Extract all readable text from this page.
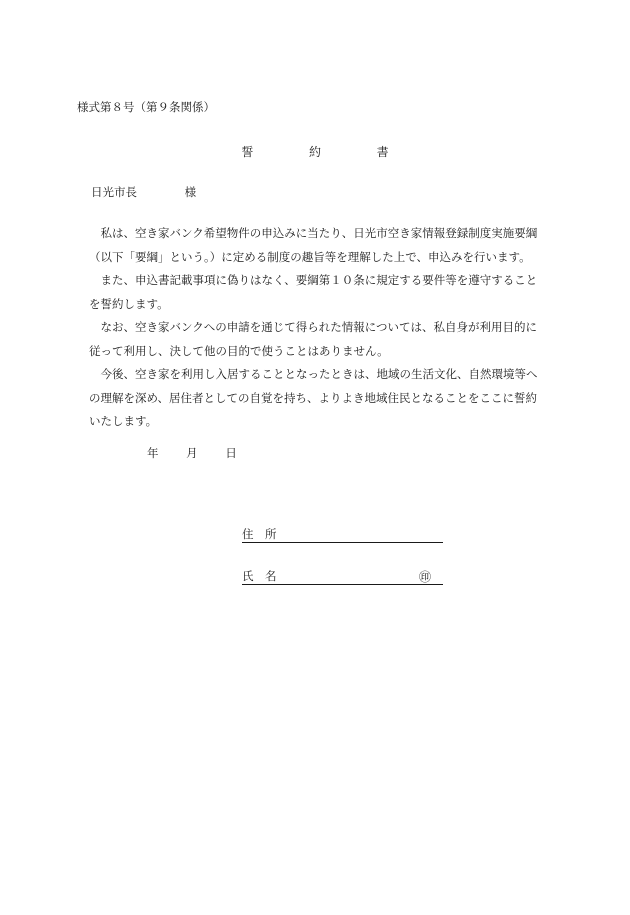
様式第８号（第９条関係）
誓	約	書
日光市長	様
私は、空き家バンク希望物件の申込みに当たり、日光市空き家情報登録制度実施要綱
（以下「要綱」という。）に定める制度の趣旨等を理解した上で、申込みを行います。
また、申込書記載事項に偽りはなく、要綱第１０条に規定する要件等を遵守すること
を誓約します。
なお、空き家バンクへの申請を通じて得られた情報については、私自身が利用目的に
従って利用し、決して他の目的で使うことはありません。
今後、空き家を利用し入居することとなったときは、地域の生活文化、自然環境等へ
の理解を深め、居住者としての自覚を持ち、よりよき地域住民となることをここに誓約
いたします。
年 月 日
住　所
氏　名	㊞
